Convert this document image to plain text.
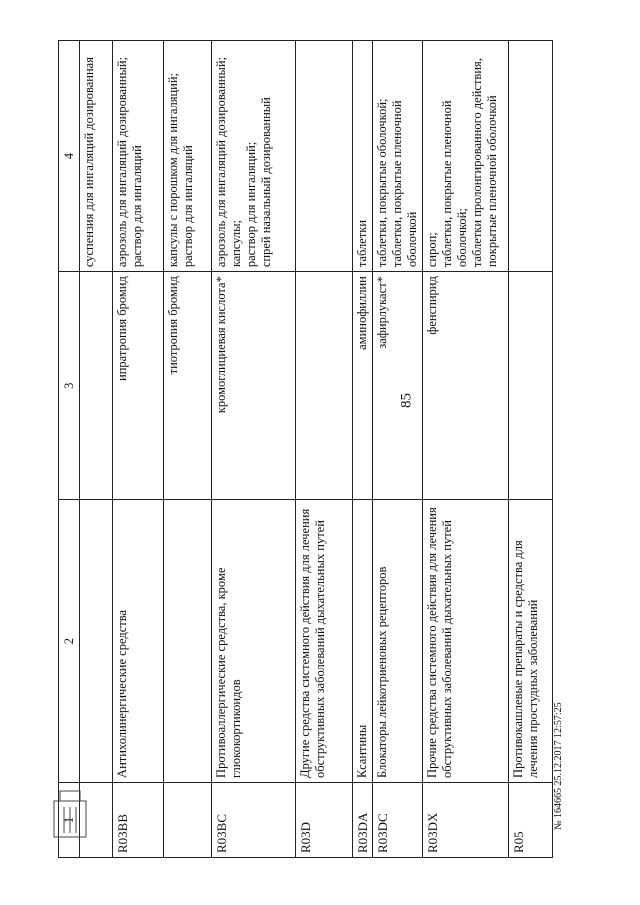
85
1	2	3	4

			суспензия для ингаляций дозированная

R03BB	Антихолинергические средства	ипратропия бромид	аэрозоль для ингаляций дозированный; раствор для ингаляций

		тиотропия бромид	капсулы с порошком для ингаляций; раствор для ингаляций

R03BC	Противоаллергические средства, кроме глюкокортикоидов	кромоглициевая кислота*	аэрозоль для ингаляций дозированный; капсулы; раствор для ингаляций; спрей назальный дозированный

R03D	Другие средства системного действия для лечения обструктивных заболеваний дыхательных путей		
R03DA	Ксантины	аминофиллин	таблетки

R03DC	Блокаторы лейкотриеновых рецепторов	зафирлукаст*	таблетки, покрытые оболочкой; таблетки, покрытые пленочной оболочкой

R03DX	Прочие средства системного действия для лечения обструктивных заболеваний дыхательных путей	фенспирид	сироп; таблетки, покрытые пленочной оболочкой; таблетки пролонгированного действия, покрытые пленочной оболочкой

R05	Противокашлевые препараты и средства для лечения простудных заболеваний		№ 164665 25.12.2017 12:57:25
